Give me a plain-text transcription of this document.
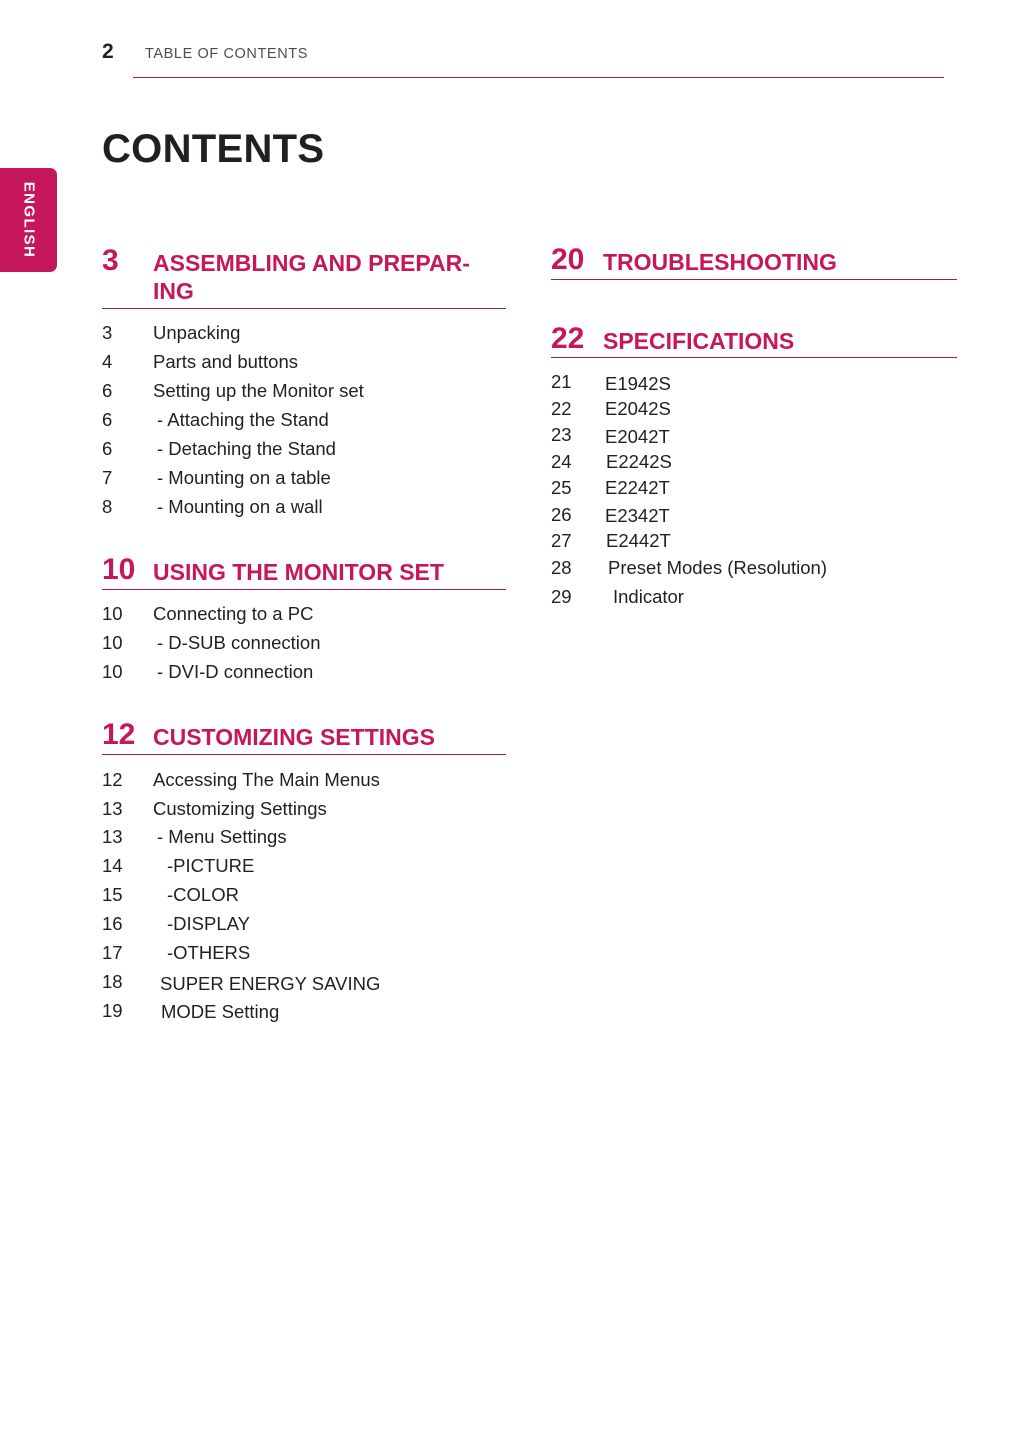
2 TABLE OF CONTENTS
ENGLISH
CONTENTS
3 ASSEMBLING AND PREPAR-
ING
3 Unpacking
4 Parts and buttons
6 Setting up the Monitor set
6 - Attaching the Stand
6 - Detaching the Stand
7 - Mounting on a table
8 - Mounting on a wall
10 USING THE MONITOR SET
10 Connecting to a PC
10 - D-SUB connection
10 - DVI-D connection
12 CUSTOMIZING SETTINGS
12 Accessing The Main Menus
13 Customizing Settings
13 - Menu Settings
14 -PICTURE
15 -COLOR
16 -DISPLAY
17 -OTHERS
18 SUPER ENERGY SAVING
19 MODE Setting
20 TROUBLESHOOTING
22 SPECIFICATIONS
21 E1942S
22 E2042S
23 E2042T
24 E2242S
25 E2242T
26 E2342T
27 E2442T
28 Preset Modes (Resolution)
29 Indicator
